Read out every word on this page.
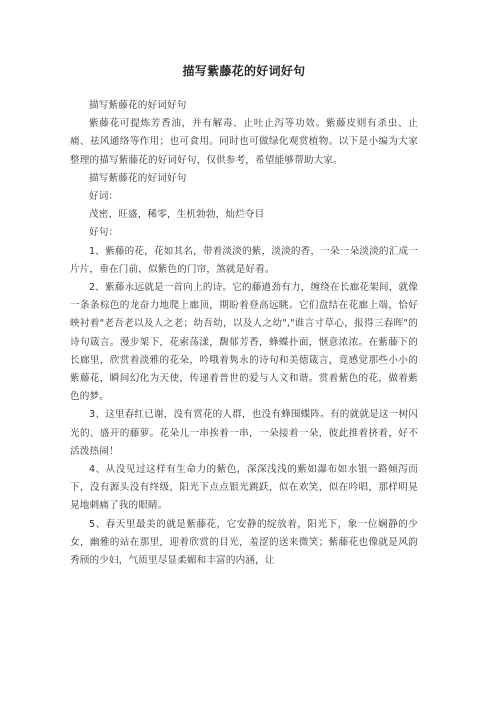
描写紫藤花的好词好句

描写紫藤花的好词好句

紫藤花可提炼芳香油，并有解毒、止吐止泻等功效。紫藤皮则有杀虫、止痛、祛风通络等作用；也可食用。同时也可做绿化观赏植物。以下是小编为大家整理的描写紫藤花的好词好句，仅供参考，希望能够帮助大家。

描写紫藤花的好词好句

好词：

茂密，旺盛，稀零，生机勃勃，灿烂夺目

好句：

1、紫藤的花，花如其名，带着淡淡的紫，淡淡的香，一朵一朵淡淡的汇成一片片，垂在门前，似紫色的门帘，煞就是好看。

2、紫藤永远就是一首向上的诗。它的藤遒劲有力，缠绕在长廊花架间，就像一条条棕色的龙奋力地爬上廊顶，期盼着登高远眺。它们盘结在花廊上端，恰好映衬着"老吾老以及人之老；幼吾幼，以及人之幼","谁言寸草心，报得三春晖"的诗句箴言。漫步架下，花索荡漾，馥郁芳香，蜂蝶扑面，惬意浓浓。在紫藤下的长廊里，欣赏着淡雅的花朵，吟哦着隽永的诗句和美德箴言，竟感觉那些小小的紫藤花，瞬间幻化为天使，传递着普世的爱与人文和谐。赏着紫色的花，做着紫色的梦。

3、这里春红已谢，没有赏花的人群，也没有蜂围蝶阵。有的就就是这一树闪光的、盛开的藤萝。花朵儿一串挨着一串，一朵接着一朵，彼此推着挤着，好不活泼热闹！

4、从没见过这样有生命力的紫色，深深浅浅的紫如瀑布如水银一路倾泻而下，没有源头没有终级，阳光下点点银光跳跃，似在欢笑，似在吟唱，那样明晃晃地刺痛了我的眼睛。

5、春天里最美的就是紫藤花，它安静的绽放着，阳光下，象一位娴静的少女，幽雅的站在那里，迎着欣赏的目光，羞涩的送来微笑；紫藤花也像就是风韵秀颀的少妇，气质里尽显柔媚和丰富的内涵，让
